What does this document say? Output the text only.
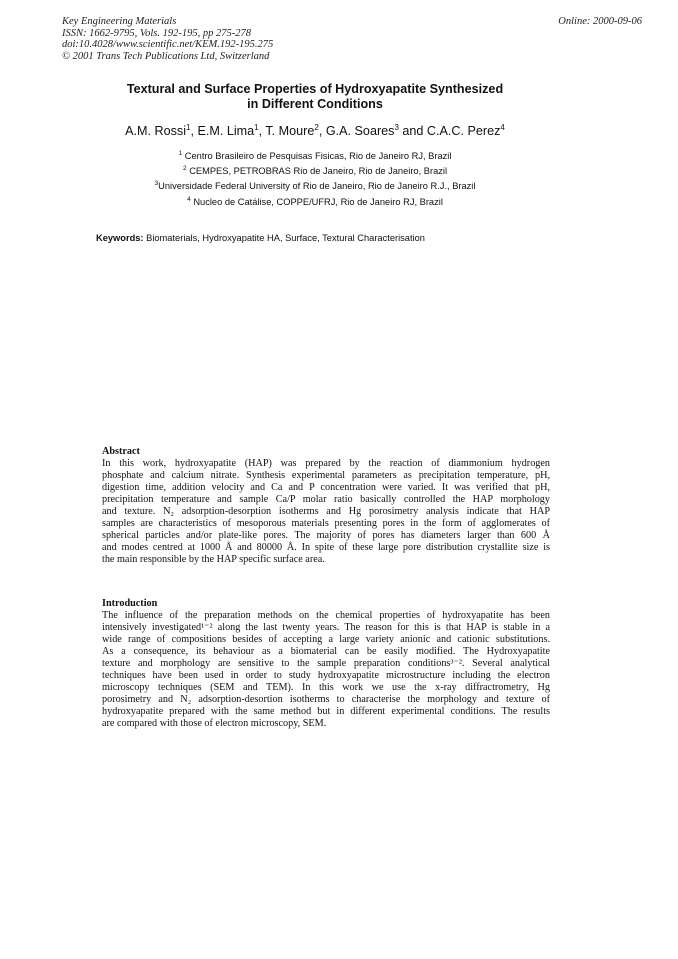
Key Engineering Materials
ISSN: 1662-9795, Vols. 192-195, pp 275-278
doi:10.4028/www.scientific.net/KEM.192-195.275
© 2001 Trans Tech Publications Ltd, Switzerland
Online: 2000-09-06
Textural and Surface Properties of Hydroxyapatite Synthesized
in Different Conditions
A.M. Rossi$^1$, E.M. Lima$^1$, T. Moure$^2$, G.A. Soares$^3$ and C.A.C. Perez$^4$
$^1$ Centro Brasileiro de Pesquisas Fisicas, Rio de Janeiro RJ, Brazil
$^2$ CEMPES, PETROBRAS Rio de Janeiro, Rio de Janeiro, Brazil
$^3$Universidade Federal University of Rio de Janeiro, Rio de Janeiro R.J., Brazil
$^4$ Nucleo de Catálise, COPPE/UFRJ, Rio de Janeiro RJ, Brazil
Keywords: Biomaterials, Hydroxyapatite HA, Surface, Textural Characterisation
Abstract
In this work, hydroxyapatite (HAP) was prepared by the reaction of diammonium hydrogen
phosphate and calcium nitrate. Synthesis experimental parameters as precipitation temperature, pH,
digestion time, addition velocity and Ca and P concentration were varied. It was verified that pH,
precipitation temperature and sample Ca/P molar ratio basically controlled the HAP morphology
and texture. N₂ adsorption-desorption isotherms and Hg porosimetry analysis indicate that HAP
samples are characteristics of mesoporous materials presenting pores in the form of agglomerates of
spherical particles and/or plate-like pores. The majority of pores has diameters larger than 600 Å
and modes centred at 1000 Å and 80000 Å. In spite of these large pore distribution crystallite size is
the main responsible by the HAP specific surface area.
Introduction
The influence of the preparation methods on the chemical properties of hydroxyapatite has been
intensively investigated¹⁻² along the last twenty years. The reason for this is that HAP is stable in a
wide range of compositions besides of accepting a large variety anionic and cationic substitutions.
As a consequence, its behaviour as a biomaterial can be easily modified. The Hydroxyapatite
texture and morphology are sensitive to the sample preparation conditions³⁻². Several analytical
techniques have been used in order to study hydroxyapatite microstructure including the electron
microscopy techniques (SEM and TEM). In this work we use the x-ray diffractrometry, Hg
porosimetry and N₂ adsorption-desortion isotherms to characterise the morphology and texture of
hydroxyapatite prepared with the same method but in different experimental conditions. The results
are compared with those of electron microscopy, SEM.
